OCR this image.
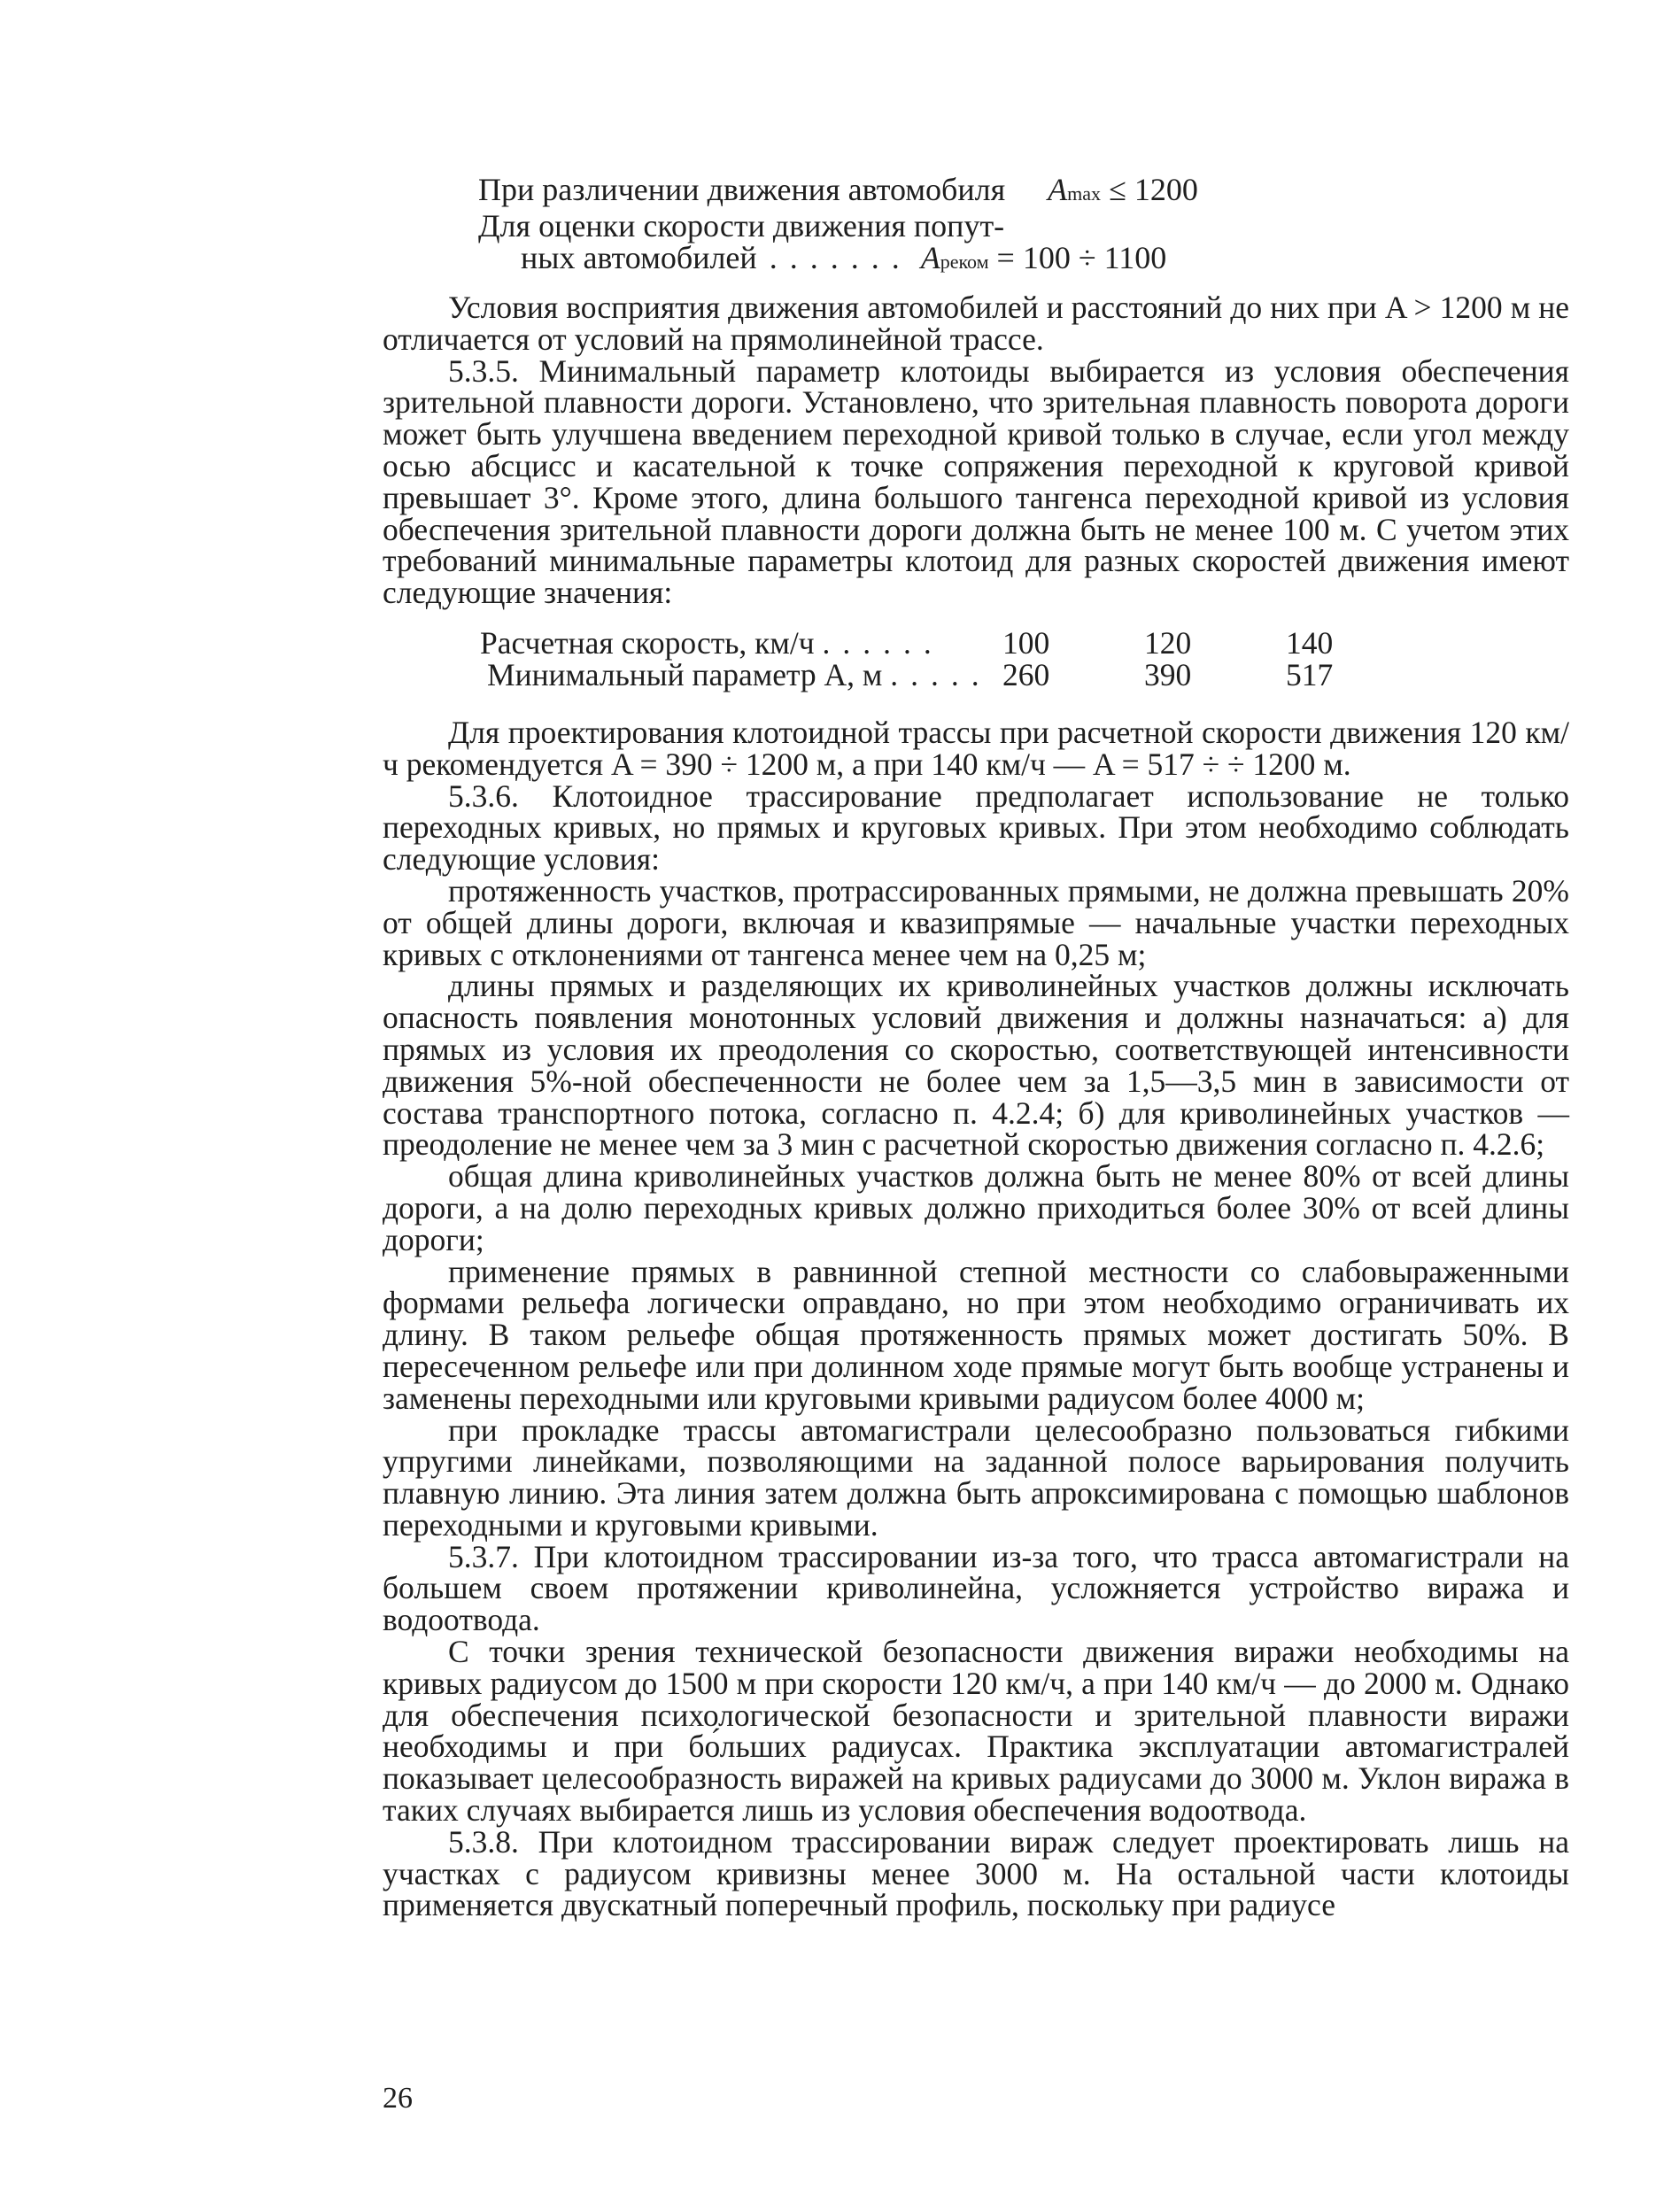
При различении движения автомобиля	Amax ≤ 1200
Для оценки скорости движения попут-
ных автомобилей ....... Aреком = 100 ÷ 1100

Условия восприятия движения автомобилей и расстояний до них при A > 1200 м не отличается от условий на прямолинейной трассе.

5.3.5. Минимальный параметр клотоиды выбирается из условия обеспечения зрительной плавности дороги. Установлено, что зрительная плавность поворота дороги может быть улучшена введением переходной кривой только в случае, если угол между осью абсцисс и касательной к точке сопряжения переходной к круговой кривой превышает 3°. Кроме этого, длина большого тангенса переходной кривой из условия обеспечения зрительной плавности дороги должна быть не менее 100 м. С учетом этих требований минимальные параметры клотоид для разных скоростей движения имеют следующие значения:

Расчетная скорость, км/ч ......	100	120	140
Минимальный параметр A, м ..... 260	390	517

Для проектирования клотоидной трассы при расчетной скорости движения 120 км/ч рекомендуется A = 390 ÷ 1200 м, а при 140 км/ч — A = 517 ÷ ÷ 1200 м.

5.3.6. Клотоидное трассирование предполагает использование не только переходных кривых, но прямых и круговых кривых. При этом необходимо соблюдать следующие условия:

протяженность участков, протрассированных прямыми, не должна превышать 20% от общей длины дороги, включая и квазипрямые — начальные участки переходных кривых с отклонениями от тангенса менее чем на 0,25 м;

длины прямых и разделяющих их криволинейных участков должны исключать опасность появления монотонных условий движения и должны назначаться: а) для прямых из условия их преодоления со скоростью, соответствующей интенсивности движения 5%-ной обеспеченности не более чем за 1,5—3,5 мин в зависимости от состава транспортного потока, согласно п. 4.2.4; б) для криволинейных участков — преодоление не менее чем за 3 мин с расчетной скоростью движения согласно п. 4.2.6;

общая длина криволинейных участков должна быть не менее 80% от всей длины дороги, а на долю переходных кривых должно приходиться более 30% от всей длины дороги;

применение прямых в равнинной степной местности со слабовыраженными формами рельефа логически оправдано, но при этом необходимо ограничивать их длину. В таком рельефе общая протяженность прямых может достигать 50%. В пересеченном рельефе или при долинном ходе прямые могут быть вообще устранены и заменены переходными или круговыми кривыми радиусом более 4000 м;

при прокладке трассы автомагистрали целесообразно пользоваться гибкими упругими линейками, позволяющими на заданной полосе варьирования получить плавную линию. Эта линия затем должна быть апроксимирована с помощью шаблонов переходными и круговыми кривыми.

5.3.7. При клотоидном трассировании из-за того, что трасса автомагистрали на большем своем протяжении криволинейна, усложняется устройство виража и водоотвода.

С точки зрения технической безопасности движения виражи необходимы на кривых радиусом до 1500 м при скорости 120 км/ч, а при 140 км/ч — до 2000 м. Однако для обеспечения психологической безопасности и зрительной плавности виражи необходимы и при бо́льших радиусах. Практика эксплуатации автомагистралей показывает целесообразность виражей на кривых радиусами до 3000 м. Уклон виража в таких случаях выбирается лишь из условия обеспечения водоотвода.

5.3.8. При клотоидном трассировании вираж следует проектировать лишь на участках с радиусом кривизны менее 3000 м. На остальной части клотоиды применяется двускатный поперечный профиль, поскольку при радиусе

26
